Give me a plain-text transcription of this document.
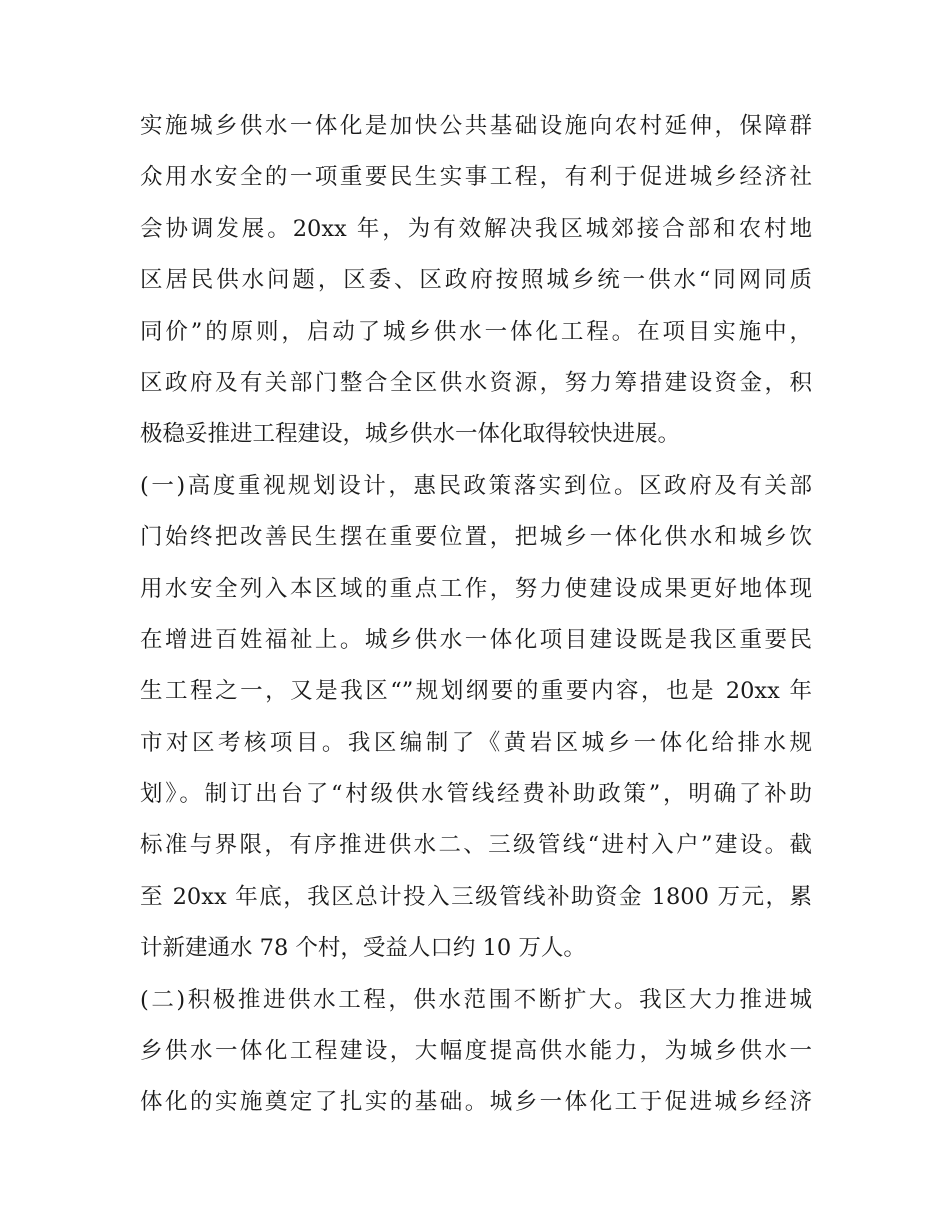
实施城乡供水一体化是加快公共基础设施向农村延伸，保障群
众用水安全的一项重要民生实事工程，有利于促进城乡经济社
会协调发展。20xx 年，为有效解决我区城郊接合部和农村地
区居民供水问题，区委、区政府按照城乡统一供水“同网同质
同价”的原则，启动了城乡供水一体化工程。在项目实施中，
区政府及有关部门整合全区供水资源，努力筹措建设资金，积
极稳妥推进工程建设，城乡供水一体化取得较快进展。
(一)高度重视规划设计，惠民政策落实到位。区政府及有关部
门始终把改善民生摆在重要位置，把城乡一体化供水和城乡饮
用水安全列入本区域的重点工作，努力使建设成果更好地体现
在增进百姓福祉上。城乡供水一体化项目建设既是我区重要民
生工程之一，又是我区“”规划纲要的重要内容，也是 20xx 年
市对区考核项目。我区编制了《黄岩区城乡一体化给排水规
划》。制订出台了“村级供水管线经费补助政策”，明确了补助
标准与界限，有序推进供水二、三级管线“进村入户”建设。截
至 20xx 年底，我区总计投入三级管线补助资金 1800 万元，累
计新建通水 78 个村，受益人口约 10 万人。
(二)积极推进供水工程，供水范围不断扩大。我区大力推进城
乡供水一体化工程建设，大幅度提高供水能力，为城乡供水一
体化的实施奠定了扎实的基础。城乡一体化工于促进城乡经济
